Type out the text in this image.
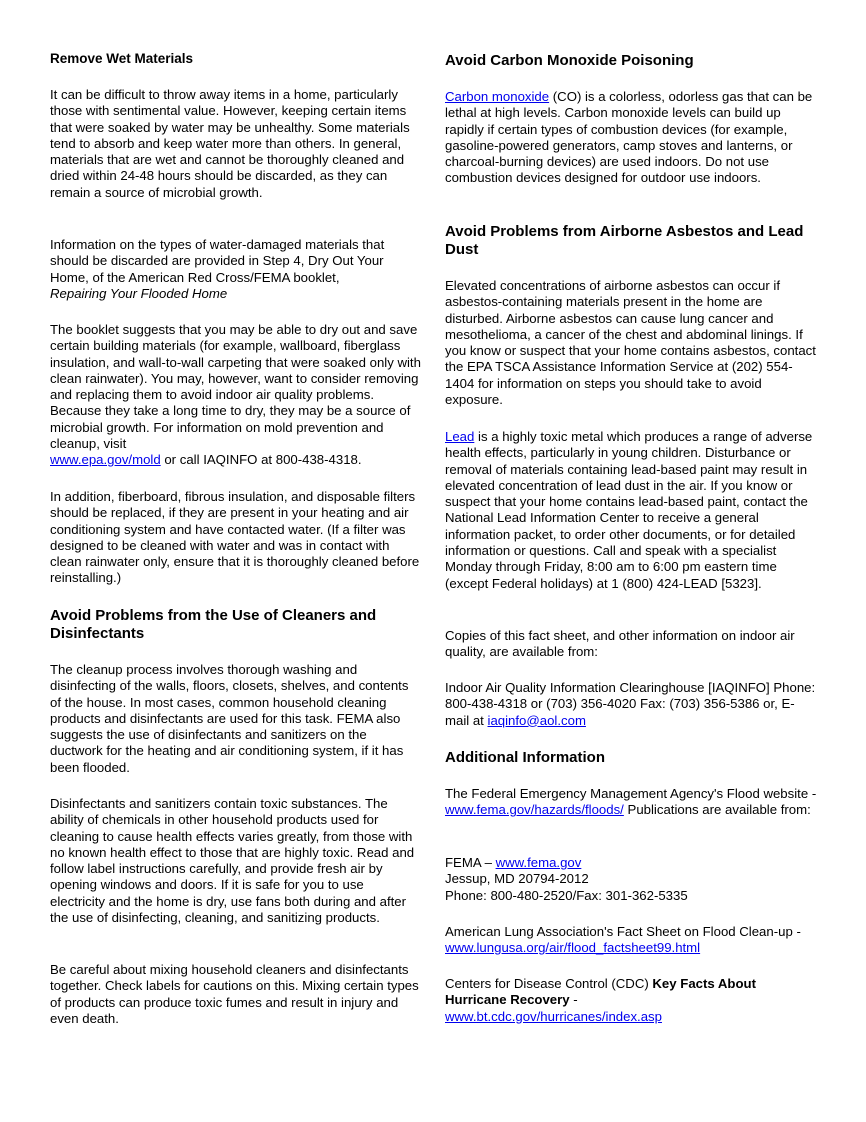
Remove Wet Materials

It can be difficult to throw away items in a home, particularly those with sentimental value. However, keeping certain items that were soaked by water may be unhealthy. Some materials tend to absorb and keep water more than others. In general, materials that are wet and cannot be thoroughly cleaned and dried within 24-48 hours should be discarded, as they can remain a source of microbial growth.

Information on the types of water-damaged materials that should be discarded are provided in Step 4, Dry Out Your Home, of the American Red Cross/FEMA booklet,
Repairing Your Flooded Home

The booklet suggests that you may be able to dry out and save certain building materials (for example, wallboard, fiberglass insulation, and wall-to-wall carpeting that were soaked only with clean rainwater). You may, however, want to consider removing and replacing them to avoid indoor air quality problems. Because they take a long time to dry, they may be a source of microbial growth. For information on mold prevention and cleanup, visit
www.epa.gov/mold or call IAQINFO at 800-438-4318.

In addition, fiberboard, fibrous insulation, and disposable filters should be replaced, if they are present in your heating and air conditioning system and have contacted water. (If a filter was designed to be cleaned with water and was in contact with clean rainwater only, ensure that it is thoroughly cleaned before reinstalling.)

Avoid Problems from the Use of Cleaners and Disinfectants

The cleanup process involves thorough washing and disinfecting of the walls, floors, closets, shelves, and contents of the house. In most cases, common household cleaning products and disinfectants are used for this task. FEMA also suggests the use of disinfectants and sanitizers on the ductwork for the heating and air conditioning system, if it has been flooded.

Disinfectants and sanitizers contain toxic substances. The ability of chemicals in other household products used for cleaning to cause health effects varies greatly, from those with no known health effect to those that are highly toxic. Read and follow label instructions carefully, and provide fresh air by opening windows and doors. If it is safe for you to use electricity and the home is dry, use fans both during and after the use of disinfecting, cleaning, and sanitizing products.

Be careful about mixing household cleaners and disinfectants together. Check labels for cautions on this. Mixing certain types of products can produce toxic fumes and result in injury and even death.

Avoid Carbon Monoxide Poisoning

Carbon monoxide (CO) is a colorless, odorless gas that can be lethal at high levels. Carbon monoxide levels can build up rapidly if certain types of combustion devices (for example, gasoline-powered generators, camp stoves and lanterns, or charcoal-burning devices) are used indoors. Do not use combustion devices designed for outdoor use indoors.

Avoid Problems from Airborne Asbestos and Lead Dust

Elevated concentrations of airborne asbestos can occur if asbestos-containing materials present in the home are disturbed. Airborne asbestos can cause lung cancer and mesothelioma, a cancer of the chest and abdominal linings. If you know or suspect that your home contains asbestos, contact the EPA TSCA Assistance Information Service at (202) 554-1404 for information on steps you should take to avoid exposure.

Lead is a highly toxic metal which produces a range of adverse health effects, particularly in young children. Disturbance or removal of materials containing lead-based paint may result in elevated concentration of lead dust in the air. If you know or suspect that your home contains lead-based paint, contact the National Lead Information Center to receive a general information packet, to order other documents, or for detailed information or questions. Call and speak with a specialist Monday through Friday, 8:00 am to 6:00 pm eastern time (except Federal holidays) at 1 (800) 424-LEAD [5323].

Copies of this fact sheet, and other information on indoor air quality, are available from:

Indoor Air Quality Information Clearinghouse [IAQINFO] Phone: 800-438-4318 or (703) 356-4020 Fax: (703) 356-5386 or, E-mail at iaqinfo@aol.com

Additional Information

The Federal Emergency Management Agency's Flood website - www.fema.gov/hazards/floods/ Publications are available from:

FEMA – www.fema.gov
Jessup, MD 20794-2012
Phone: 800-480-2520/Fax: 301-362-5335

American Lung Association's Fact Sheet on Flood Clean-up - www.lungusa.org/air/flood_factsheet99.html

Centers for Disease Control (CDC) Key Facts About Hurricane Recovery -
www.bt.cdc.gov/hurricanes/index.asp
